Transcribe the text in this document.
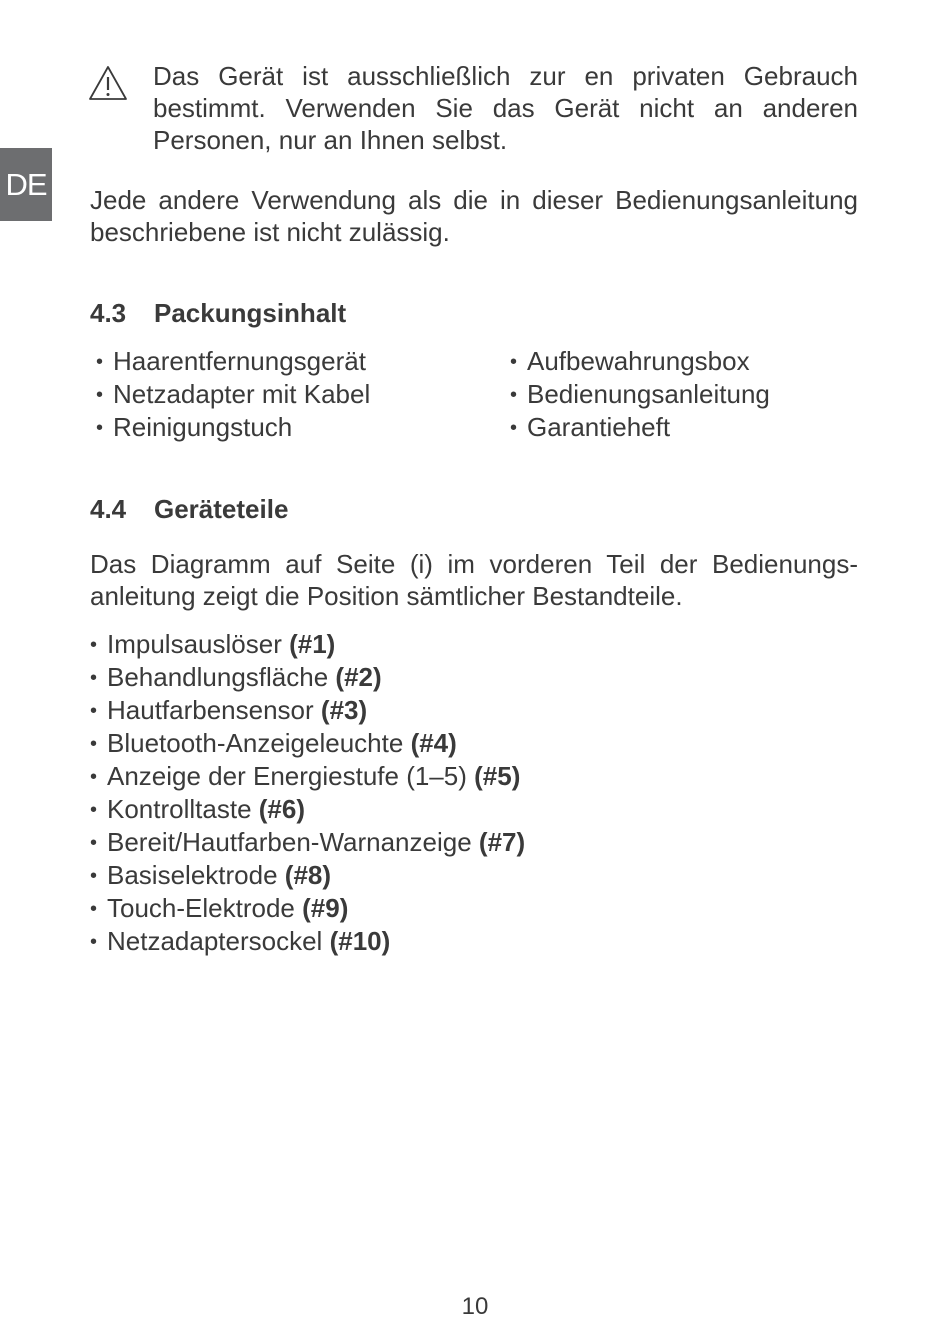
DE
Das Gerät ist ausschließlich zur en privaten Gebrauch bestimmt. Verwenden Sie das Gerät nicht an anderen Personen, nur an Ihnen selbst.
Jede andere Verwendung als die in dieser Bedienungsanleitung beschriebene ist nicht zulässig.
4.3 Packungsinhalt
• Haarentfernungsgerät
• Netzadapter mit Kabel
• Reinigungstuch
• Aufbewahrungsbox
• Bedienungsanleitung
• Garantieheft
4.4 Geräteteile
Das Diagramm auf Seite (i) im vorderen Teil der Bedienungs-anleitung zeigt die Position sämtlicher Bestandteile.
• Impulsauslöser (#1)
• Behandlungsfläche (#2)
• Hautfarbensensor (#3)
• Bluetooth-Anzeigeleuchte (#4)
• Anzeige der Energiestufe (1–5) (#5)
• Kontrolltaste (#6)
• Bereit/Hautfarben-Warnanzeige (#7)
• Basiselektrode (#8)
• Touch-Elektrode (#9)
• Netzadaptersockel (#10)
10
